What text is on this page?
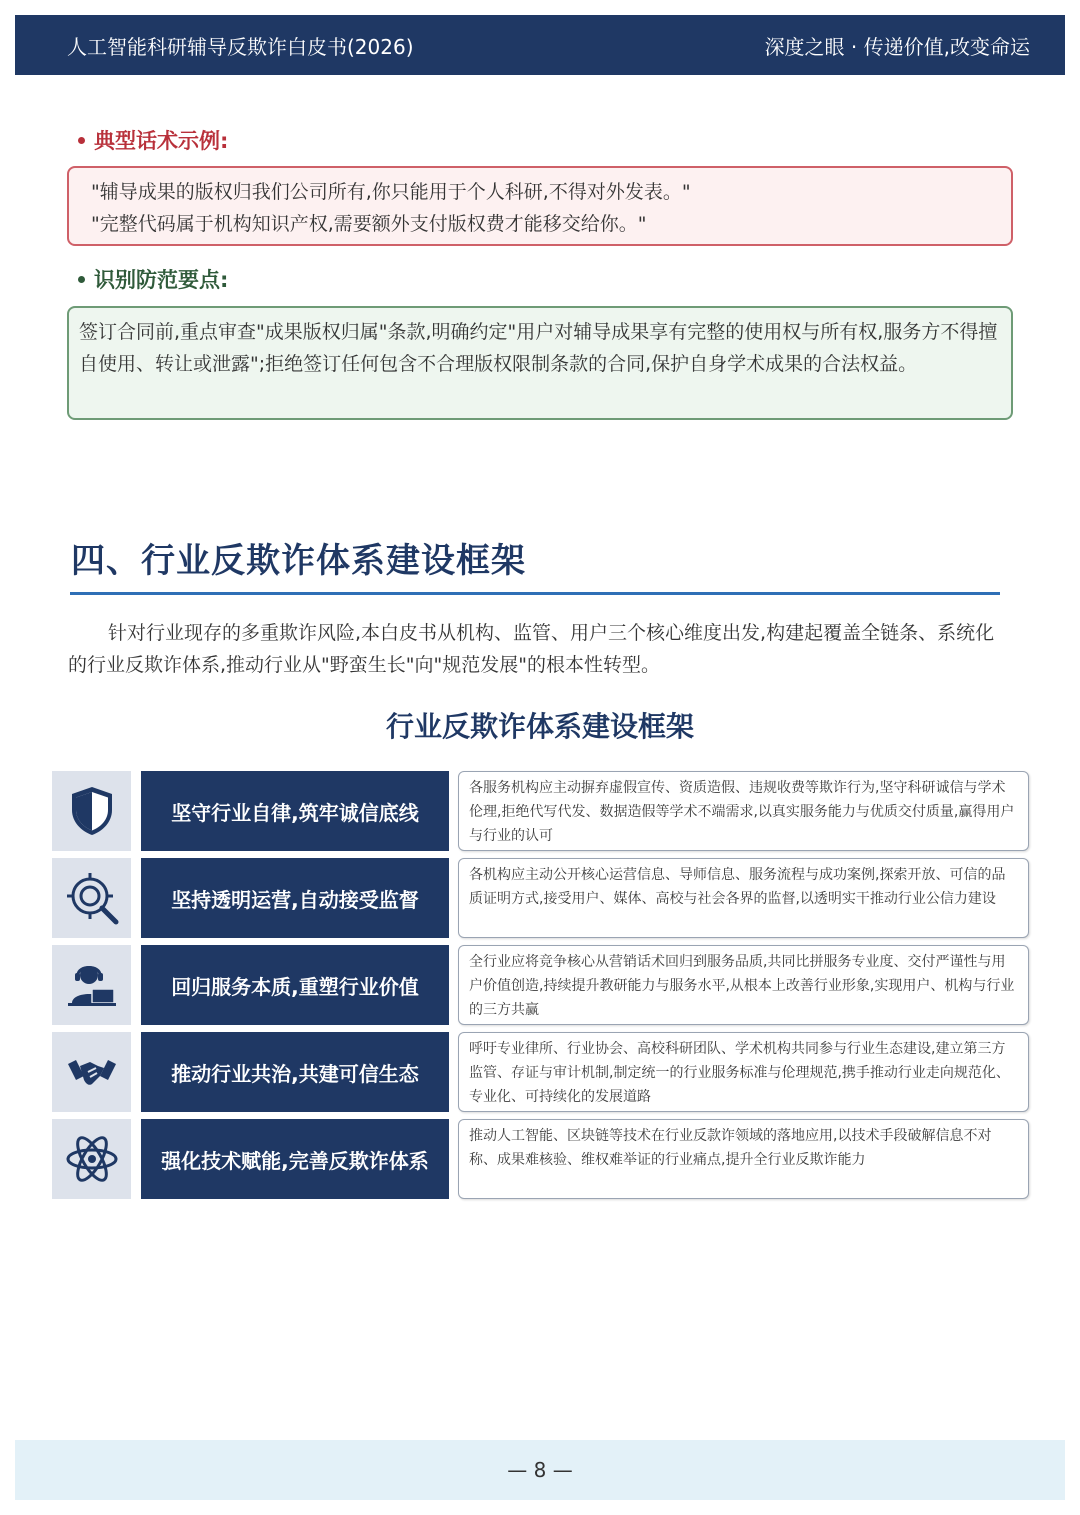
人工智能科研辅导反欺诈白皮书(2026)	深度之眼 · 传递价值,改变命运
典型话术示例:

"辅导成果的版权归我们公司所有,你只能用于个人科研,不得对外发表。"

"完整代码属于机构知识产权,需要额外支付版权费才能移交给你。"

识别防范要点:

签订合同前,重点审查"成果版权归属"条款,明确约定"用户对辅导成果享有完整的使用权与所有权,服务方不得擅自使用、转让或泄露";拒绝签订任何包含不合理版权限制条款的合同,保护自身学术成果的合法权益。

四、行业反欺诈体系建设框架

针对行业现存的多重欺诈风险,本白皮书从机构、监管、用户三个核心维度出发,构建起覆盖全链条、系统化的行业反欺诈体系,推动行业从"野蛮生长"向"规范发展"的根本性转型。

行业反欺诈体系建设框架
坚守行业自律,筑牢诚信底线
各服务机构应主动摒弃虚假宣传、资质造假、违规收费等欺诈行为,坚守科研诚信与学术伦理,拒绝代写代发、数据造假等学术不端需求,以真实服务能力与优质交付质量,赢得用户与行业的认可
坚持透明运营,自动接受监督
各机构应主动公开核心运营信息、导师信息、服务流程与成功案例,探索开放、可信的品质证明方式,接受用户、媒体、高校与社会各界的监督,以透明实干推动行业公信力建设
回归服务本质,重塑行业价值
全行业应将竞争核心从营销话术回归到服务品质,共同比拼服务专业度、交付严谨性与用户价值创造,持续提升教研能力与服务水平,从根本上改善行业形象,实现用户、机构与行业的三方共赢
推动行业共治,共建可信生态
呼吁专业律所、行业协会、高校科研团队、学术机构共同参与行业生态建设,建立第三方监管、存证与审计机制,制定统一的行业服务标准与伦理规范,携手推动行业走向规范化、专业化、可持续化的发展道路
强化技术赋能,完善反欺诈体系
推动人工智能、区块链等技术在行业反款诈领域的落地应用,以技术手段破解信息不对称、成果难核验、维权难举证的行业痛点,提升全行业反欺诈能力
— 8 —
